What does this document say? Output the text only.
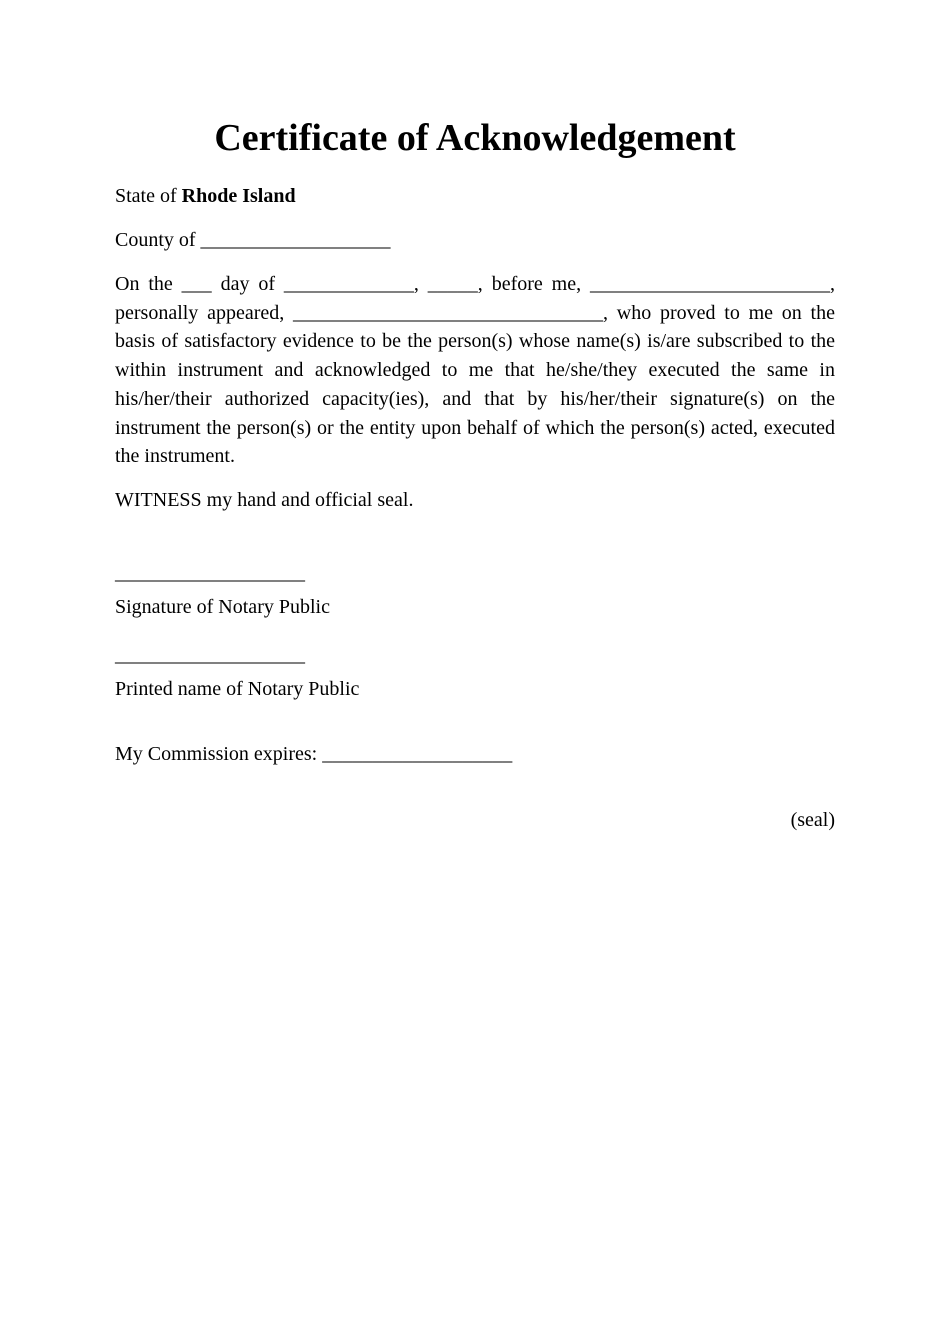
Certificate of Acknowledgement
State of Rhode Island
County of ___________________

On the ___ day of _____________, _____, before me, ________________________, personally appeared, _______________________________, who proved to me on the basis of satisfactory evidence to be the person(s) whose name(s) is/are subscribed to the within instrument and acknowledged to me that he/she/they executed the same in his/her/their authorized capacity(ies), and that by his/her/their signature(s) on the instrument the person(s) or the entity upon behalf of which the person(s) acted, executed the instrument.

WITNESS my hand and official seal.
___________________
Signature of Notary Public
___________________
Printed name of Notary Public
My Commission expires: ___________________
(seal)
